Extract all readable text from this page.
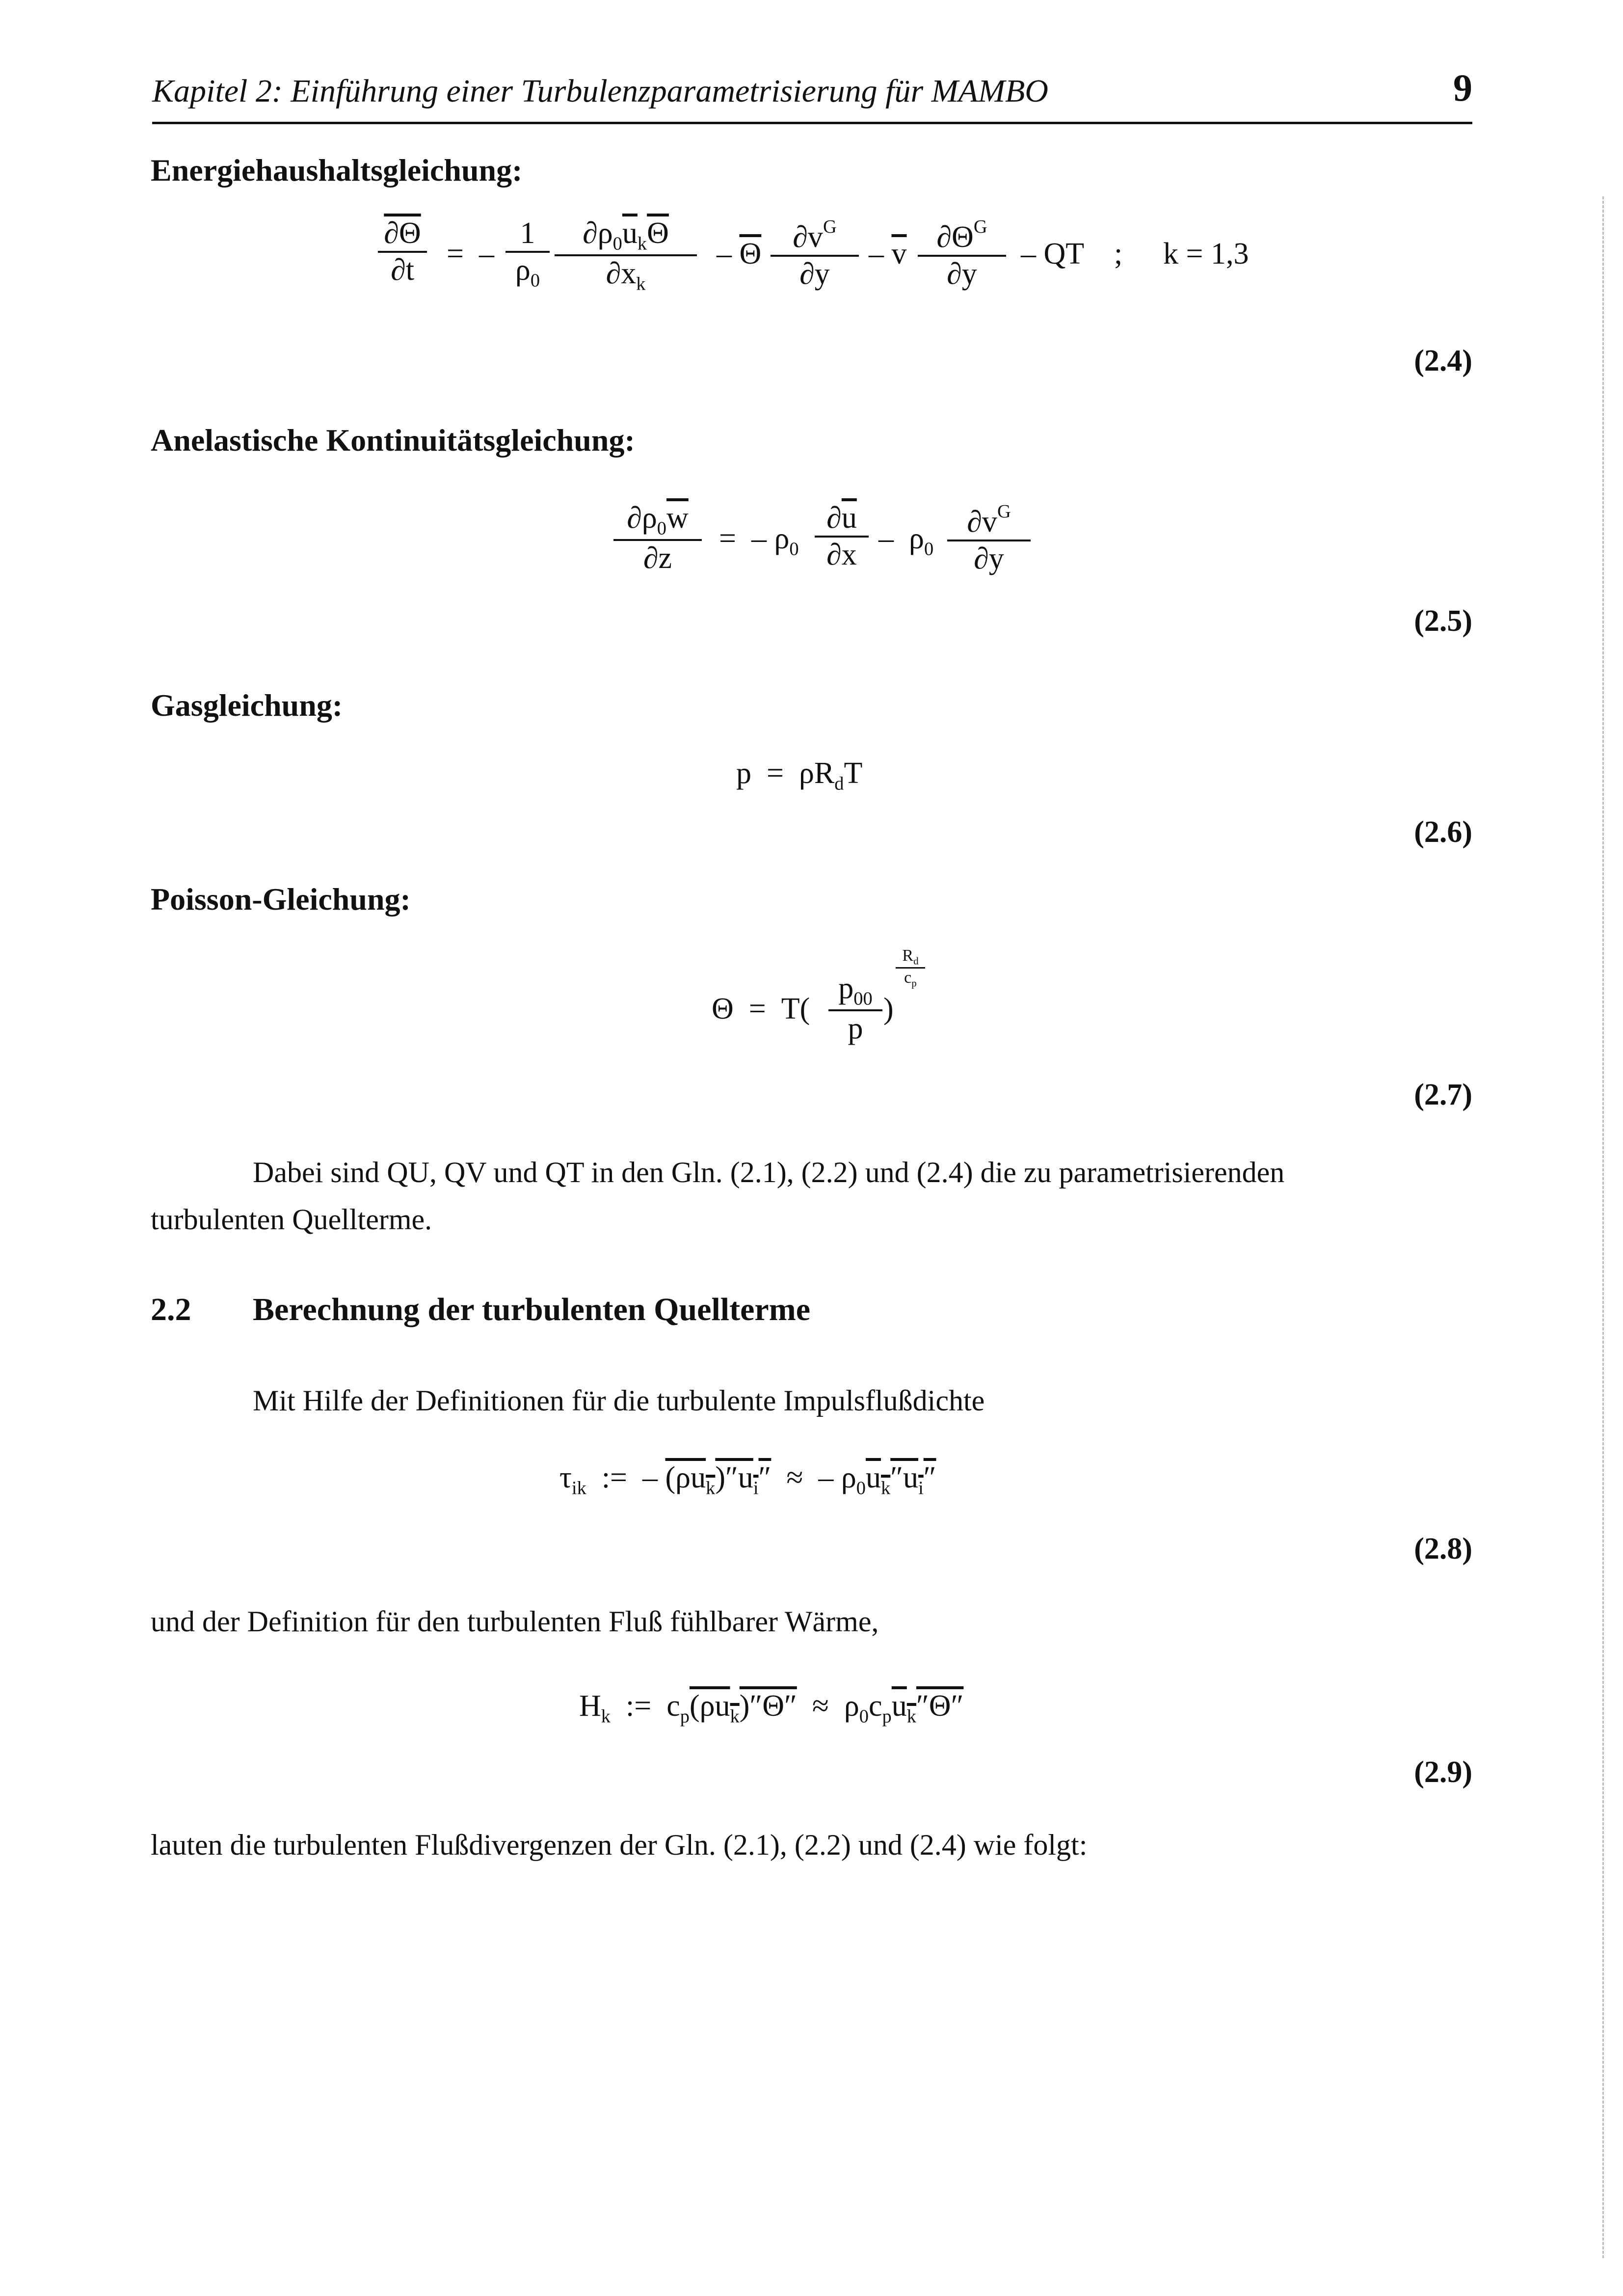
Kapitel 2: Einführung einer Turbulenzparametrisierung für MAMBO	9
Energiehaushaltsgleichung:
∂Θ
∂t	=  –
1
$\rho_0$
$\partial\rho_0\overline{u}_k\overline{\Theta}$
$\partial x_k$
– $\overline{\Theta}$
$\partial v^G$
∂y
– $\overline{v}$
$\partial\Theta^G$
∂y
– QT ; k = 1,3
(2.4)
Anelastische Kontinuitätsgleichung:
$\partial\rho_0\overline{w}$
∂z
=  – $\rho_0$
$\partial\overline{u}$
$\partial x - \rho_0$
$\partial v^G$
∂y
(2.5)
Gasgleichung:
$p = \rho R_dT$
(2.6)
Poisson-Gleichung:
Θ  =  T(
$p_{00}$
p
)
$R_d$
$c_p$
(2.7)
Dabei sind QU, QV und QT in den Gln. (2.1), (2.2) und (2.4) die zu parametrisierenden
turbulenten Quellterme.
2.2 Berechnung der turbulenten Quellterme
Mit Hilfe der Definitionen für die turbulente Impulsflußdichte
$\tau_{ik}$  :=  – $(\rho u_k)''u_i''$  ≈  – $\rho_0u_k''u_i''$
(2.8)
und der Definition für den turbulenten Fluß fühlbarer Wärme,
$H_k$  :=  $c_p(\rho u_k)''\Theta'' \approx \rho_0c_pu_k''\Theta''$
(2.9)
lauten die turbulenten Flußdivergenzen der Gln. (2.1), (2.2) und (2.4) wie folgt:
